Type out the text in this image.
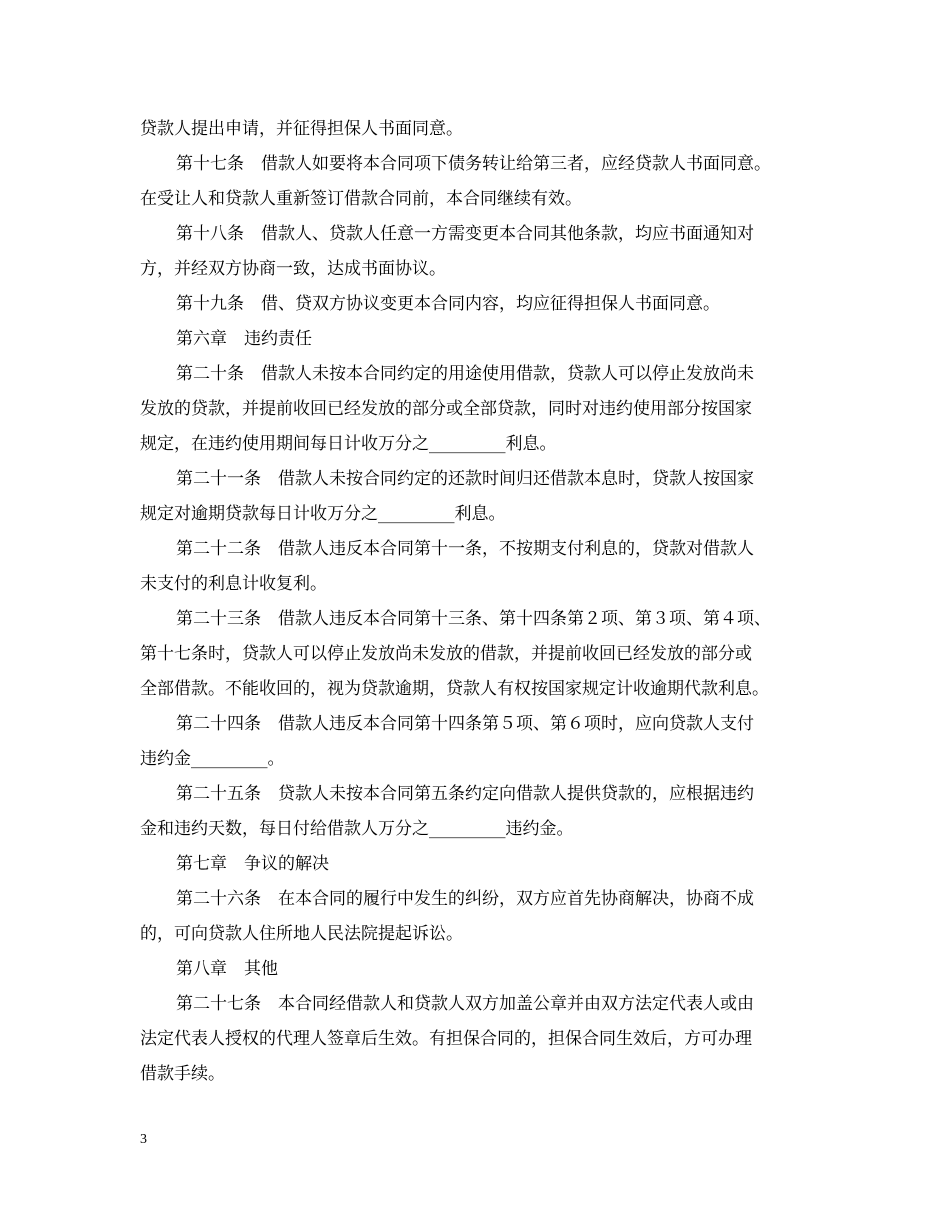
贷款人提出申请，并征得担保人书面同意。
第十七条　借款人如要将本合同项下债务转让给第三者，应经贷款人书面同意。
在受让人和贷款人重新签订借款合同前，本合同继续有效。
第十八条　借款人、贷款人任意一方需变更本合同其他条款，均应书面通知对
方，并经双方协商一致，达成书面协议。
第十九条　借、贷双方协议变更本合同内容，均应征得担保人书面同意。
第六章　违约责任
第二十条　借款人未按本合同约定的用途使用借款，贷款人可以停止发放尚未
发放的贷款，并提前收回已经发放的部分或全部贷款，同时对违约使用部分按国家
规定，在违约使用期间每日计收万分之_________利息。
第二十一条　借款人未按合同约定的还款时间归还借款本息时，贷款人按国家
规定对逾期贷款每日计收万分之_________利息。
第二十二条　借款人违反本合同第十一条，不按期支付利息的，贷款对借款人
未支付的利息计收复利。
第二十三条　借款人违反本合同第十三条、第十四条第２项、第３项、第４项、
第十七条时，贷款人可以停止发放尚未发放的借款，并提前收回已经发放的部分或
全部借款。不能收回的，视为贷款逾期，贷款人有权按国家规定计收逾期代款利息。
第二十四条　借款人违反本合同第十四条第５项、第６项时，应向贷款人支付
违约金_________。
第二十五条　贷款人未按本合同第五条约定向借款人提供贷款的，应根据违约
金和违约天数，每日付给借款人万分之_________违约金。
第七章　争议的解决
第二十六条　在本合同的履行中发生的纠纷，双方应首先协商解决，协商不成
的，可向贷款人住所地人民法院提起诉讼。
第八章　其他
第二十七条　本合同经借款人和贷款人双方加盖公章并由双方法定代表人或由
法定代表人授权的代理人签章后生效。有担保合同的，担保合同生效后，方可办理
借款手续。
3
